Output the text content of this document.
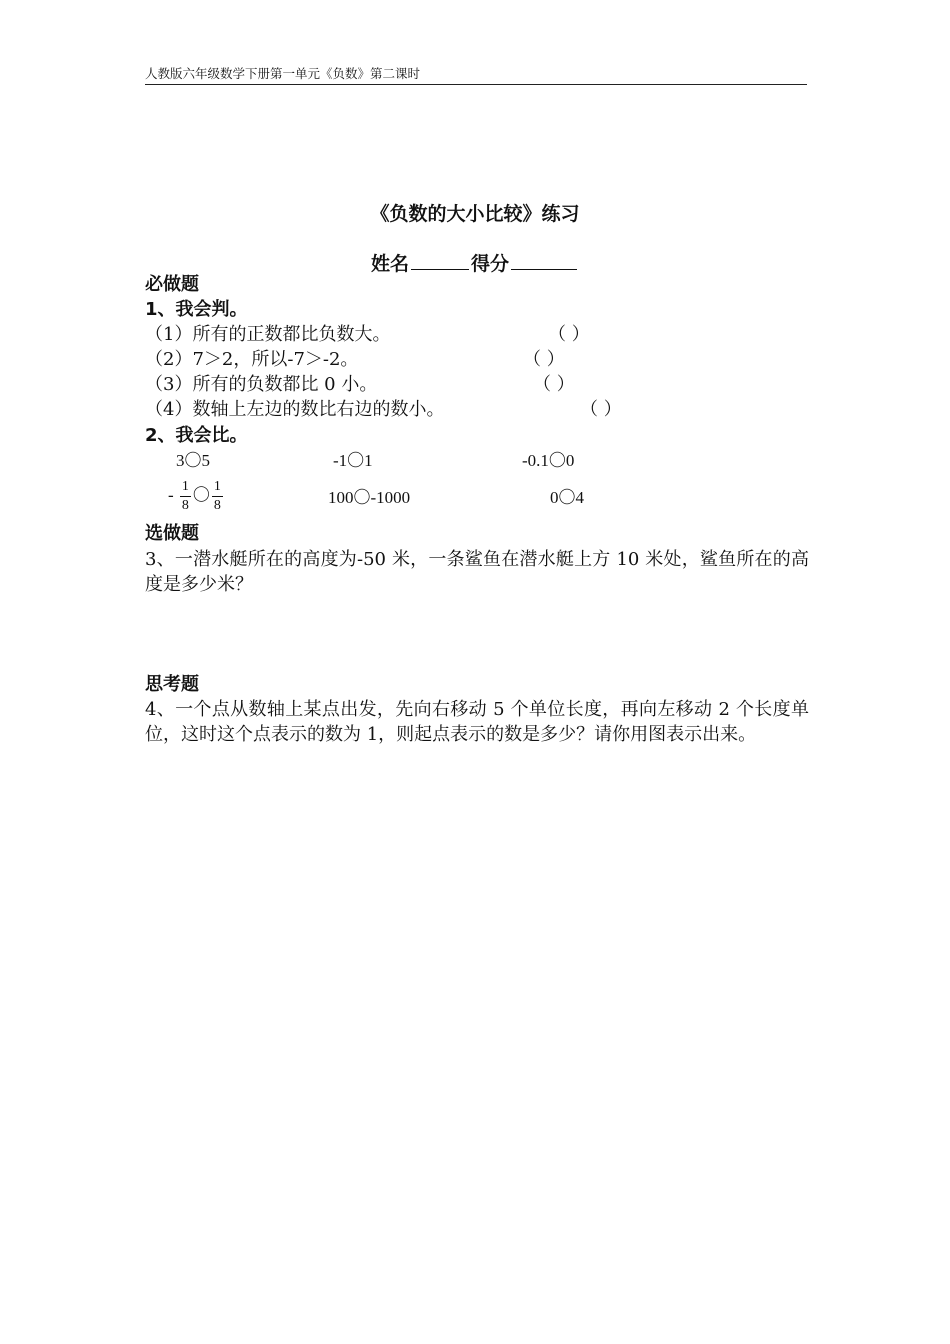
人教版六年级数学下册第一单元《负数》第二课时
《负数的大小比较》练习
姓名	得分
必做题
1、我会判。
（1）所有的正数都比负数大。	（ ）
（2）7＞2，所以-7＞-2。	（ ）
（3）所有的负数都比 0 小。	（ ）
（4）数轴上左边的数比右边的数小。	（ ）
2、我会比。
3〇5	-1〇1	-0.1〇0
- $\frac{1}{8}$ 〇 $\frac{1}{8}$	100〇-1000	0〇4
选做题
3、一潜水艇所在的高度为-50 米，一条鲨鱼在潜水艇上方 10 米处，鲨鱼所在的高度是多少米？
思考题
4、一个点从数轴上某点出发，先向右移动 5 个单位长度，再向左移动 2 个长度单位，这时这个点表示的数为 1，则起点表示的数是多少？请你用图表示出来。
